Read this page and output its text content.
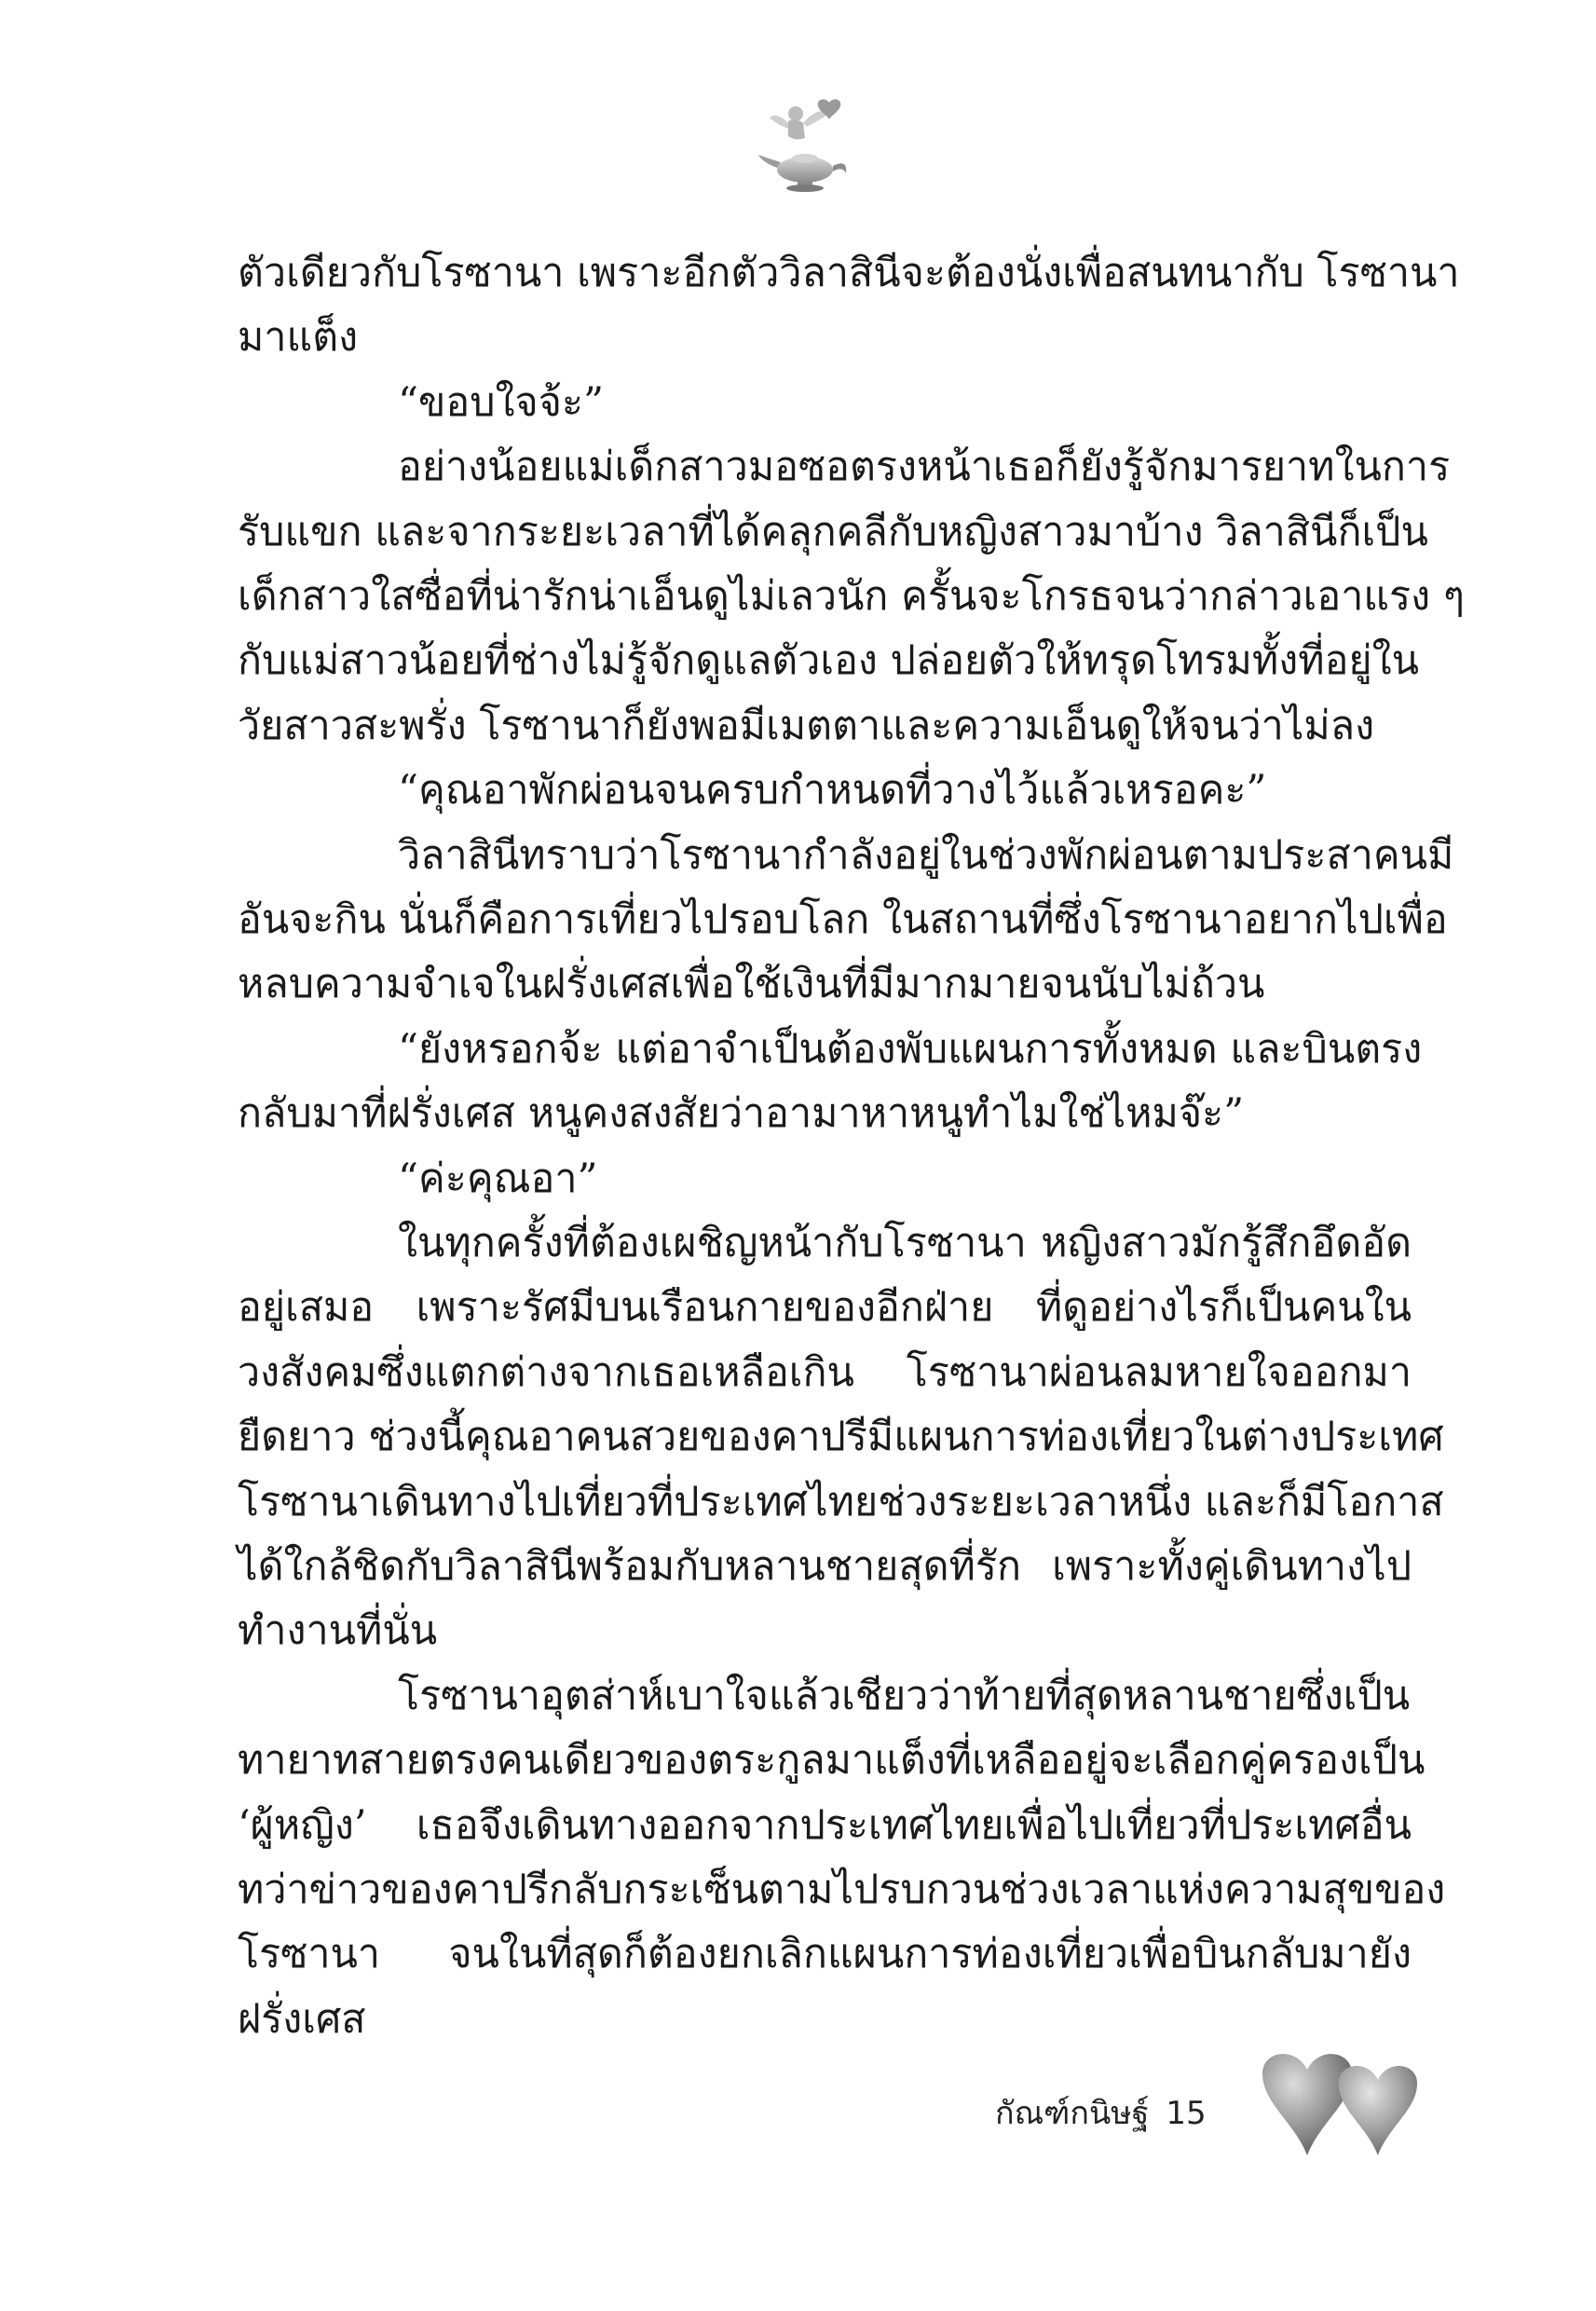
ตัวเดียวกับโรซานา เพราะอีกตัววิลาสินีจะต้องนั่งเพื่อสนทนากับ โรซานา
มาแต็ง
“ขอบใจจ้ะ”
อย่างน้อยแม่เด็กสาวมอซอตรงหน้าเธอก็ยังรู้จักมารยาทในการ
รับแขก และจากระยะเวลาที่ได้คลุกคลีกับหญิงสาวมาบ้าง วิลาสินีก็เป็น
เด็กสาวใสซื่อที่น่ารักน่าเอ็นดูไม่เลวนัก ครั้นจะโกรธจนว่ากล่าวเอาแรง ๆ
กับแม่สาวน้อยที่ช่างไม่รู้จักดูแลตัวเอง ปล่อยตัวให้ทรุดโทรมทั้งที่อยู่ใน
วัยสาวสะพรั่ง โรซานาก็ยังพอมีเมตตาและความเอ็นดูให้จนว่าไม่ลง
“คุณอาพักผ่อนจนครบกำหนดที่วางไว้แล้วเหรอคะ”
วิลาสินีทราบว่าโรซานากำลังอยู่ในช่วงพักผ่อนตามประสาคนมี
อันจะกิน นั่นก็คือการเที่ยวไปรอบโลก ในสถานที่ซึ่งโรซานาอยากไปเพื่อ
หลบความจำเจในฝรั่งเศสเพื่อใช้เงินที่มีมากมายจนนับไม่ถ้วน
“ยังหรอกจ้ะ แต่อาจำเป็นต้องพับแผนการทั้งหมด และบินตรง
กลับมาที่ฝรั่งเศส หนูคงสงสัยว่าอามาหาหนูทำไมใช่ไหมจ๊ะ”
“ค่ะคุณอา”
ในทุกครั้งที่ต้องเผชิญหน้ากับโรซานา หญิงสาวมักรู้สึกอึดอัด
อยู่เสมอ เพราะรัศมีบนเรือนกายของอีกฝ่าย ที่ดูอย่างไรก็เป็นคนใน
วงสังคมซึ่งแตกต่างจากเธอเหลือเกิน โรซานาผ่อนลมหายใจออกมา
ยืดยาว ช่วงนี้คุณอาคนสวยของคาปรีมีแผนการท่องเที่ยวในต่างประเทศ
โรซานาเดินทางไปเที่ยวที่ประเทศไทยช่วงระยะเวลาหนึ่ง และก็มีโอกาส
ได้ใกล้ชิดกับวิลาสินีพร้อมกับหลานชายสุดที่รัก เพราะทั้งคู่เดินทางไป
ทำงานที่นั่น
โรซานาอุตส่าห์เบาใจแล้วเชียวว่าท้ายที่สุดหลานชายซึ่งเป็น
ทายาทสายตรงคนเดียวของตระกูลมาแต็งที่เหลืออยู่จะเลือกคู่ครองเป็น
‘ผู้หญิง’ เธอจึงเดินทางออกจากประเทศไทยเพื่อไปเที่ยวที่ประเทศอื่น
ทว่าข่าวของคาปรีกลับกระเซ็นตามไปรบกวนช่วงเวลาแห่งความสุขของ
โรซานา จนในที่สุดก็ต้องยกเลิกแผนการท่องเที่ยวเพื่อบินกลับมายัง
ฝรั่งเศส
กัณฑ์กนิษฐ์ 15
